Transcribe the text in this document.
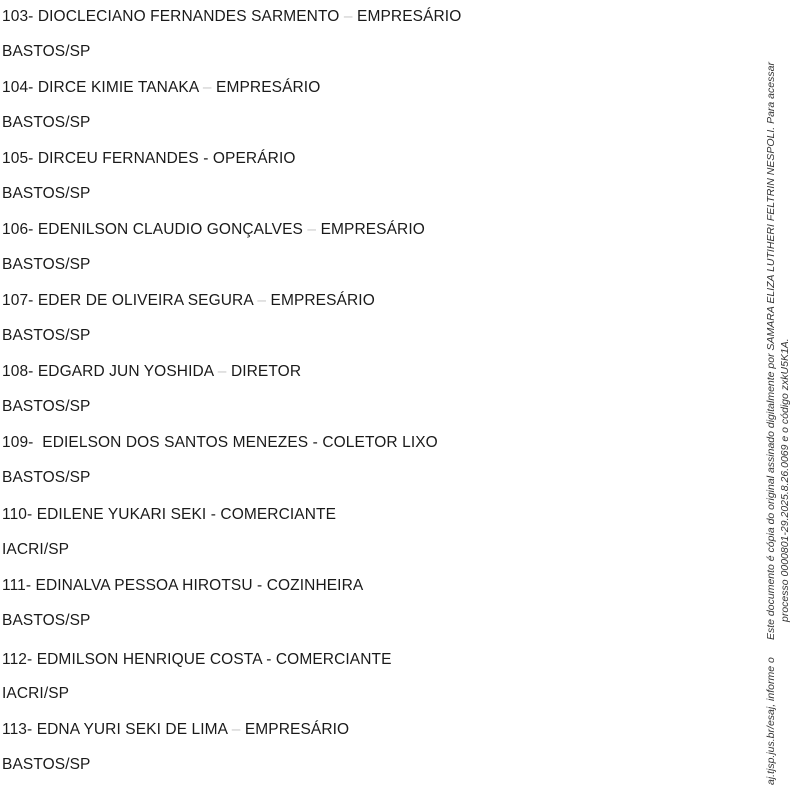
103- DIOCLECIANO FERNANDES SARMENTO – EMPRESÁRIO
BASTOS/SP
104- DIRCE KIMIE TANAKA – EMPRESÁRIO
BASTOS/SP
105- DIRCEU FERNANDES - OPERÁRIO
BASTOS/SP
106- EDENILSON CLAUDIO GONÇALVES – EMPRESÁRIO
BASTOS/SP
107- EDER DE OLIVEIRA SEGURA – EMPRESÁRIO
BASTOS/SP
108- EDGARD JUN YOSHIDA – DIRETOR
BASTOS/SP
109-  EDIELSON DOS SANTOS MENEZES - COLETOR LIXO
BASTOS/SP
110- EDILENE YUKARI SEKI - COMERCIANTE
IACRI/SP
111- EDINALVA PESSOA HIROTSU - COZINHEIRA
BASTOS/SP
112- EDMILSON HENRIQUE COSTA - COMERCIANTE
IACRI/SP
113- EDNA YURI SEKI DE LIMA – EMPRESÁRIO
BASTOS/SP
Este documento é cópia do original assinado digitalmente por SAMARA ELIZA LUTIHERI FELTRIN NESPOLI. Para acessar processo 0000801-29.2025.8.26.0069 e o código zxkU5K1A.
aj.tjsp.jus.br/esaj, informe o
